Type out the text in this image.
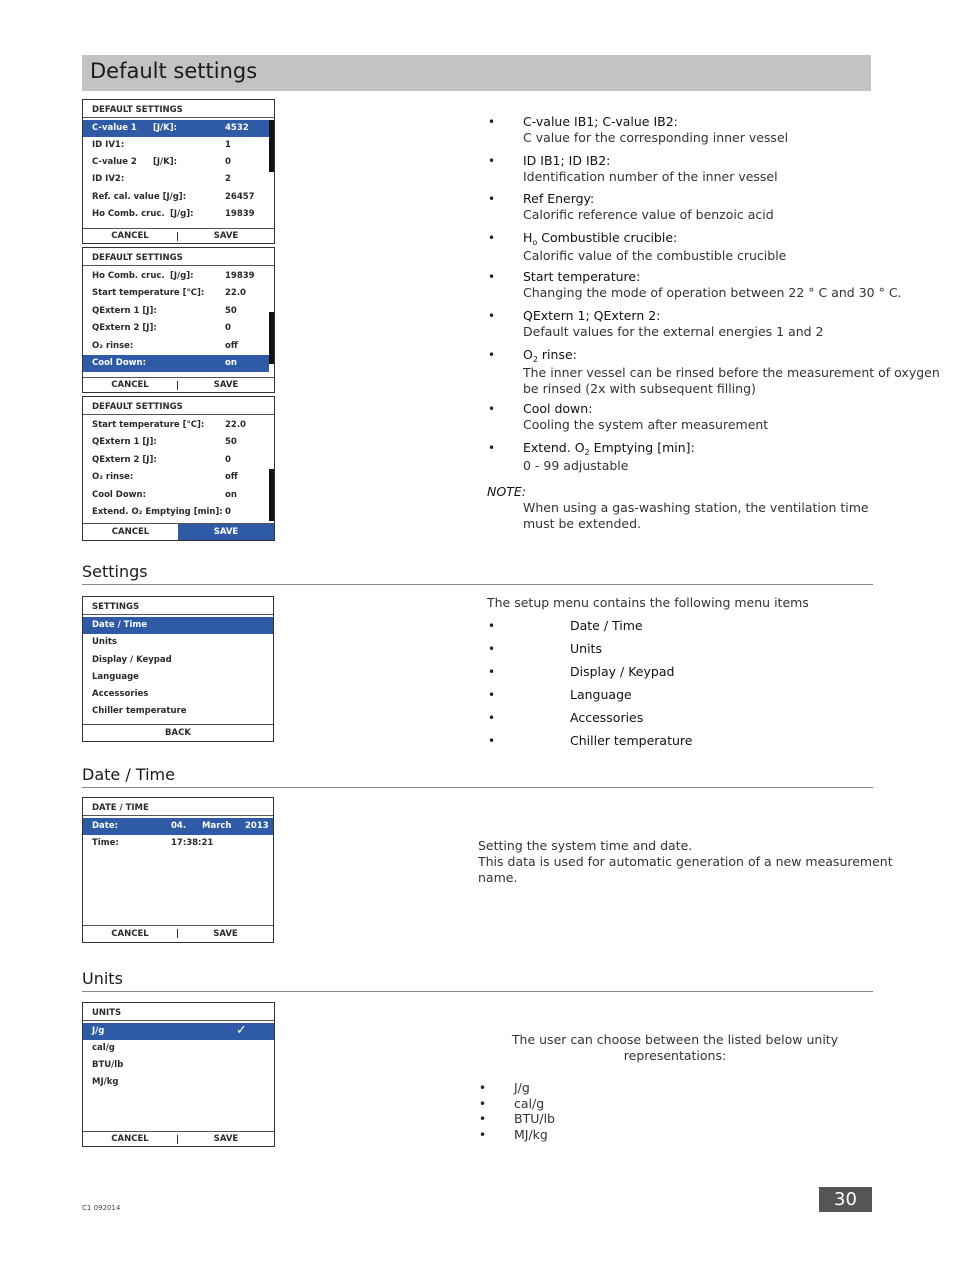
Default settings
DEFAULT SETTINGS
C-value 1 [J/K]:	4532
ID IV1:	1
C-value 2 [J/K]:	0
ID IV2:	2
Ref. cal. value [J/g]:	26457
Ho Comb. cruc. [J/g]:	19839
CANCEL	SAVE
DEFAULT SETTINGS
Ho Comb. cruc. [J/g]:	19839
Start temperature [°C]: 22.0
QExtern 1 [J]:	50
QExtern 2 [J]:	0
O₂ rinse:	off
Cool Down:	on
CANCEL	SAVE
DEFAULT SETTINGS
Start temperature [°C]: 22.0
QExtern 1 [J]:	50
QExtern 2 [J]:	0
O₂ rinse:	off
Cool Down:	on
Extend. O₂ Emptying [min]: 0
CANCEL	SAVE
• C-value IB1; C-value IB2:
C value for the corresponding inner vessel
• ID IB1; ID IB2:
Identification number of the inner vessel
• Ref Energy:
Calorific reference value of benzoic acid
• $H_o$ Combustible crucible:
Calorific value of the combustible crucible
• Start temperature:
Changing the mode of operation between 22 ° C and 30 ° C.
• QExtern 1; QExtern 2:
Default values for the external energies 1 and 2
• $O_2$ rinse:
The inner vessel can be rinsed before the measurement of oxygen
be rinsed (2x with subsequent filling)
• Cool down:
Cooling the system after measurement
• Extend. $O_2$ Emptying [min]:
0 - 99 adjustable
NOTE:
When using a gas-washing station, the ventilation time
must be extended.
Settings
SETTINGS
Date / Time
Units
Display / Keypad
Language
Accessories
Chiller temperature
BACK
The setup menu contains the following menu items
•	Date / Time
•	Units
•	Display / Keypad
•	Language
•	Accessories
•	Chiller temperature
Date / Time
DATE / TIME
Date:	04. March 2013
Time:	17:38:21
CANCEL	SAVE
Setting the system time and date.
This data is used for automatic generation of a new measurement
name.
Units
UNITS
J/g	✓
cal/g
BTU/lb
MJ/kg
CANCEL	SAVE
The user can choose between the listed below unity
representations:
• J/g
• cal/g
• BTU/lb
• MJ/kg
C1 092014	30
